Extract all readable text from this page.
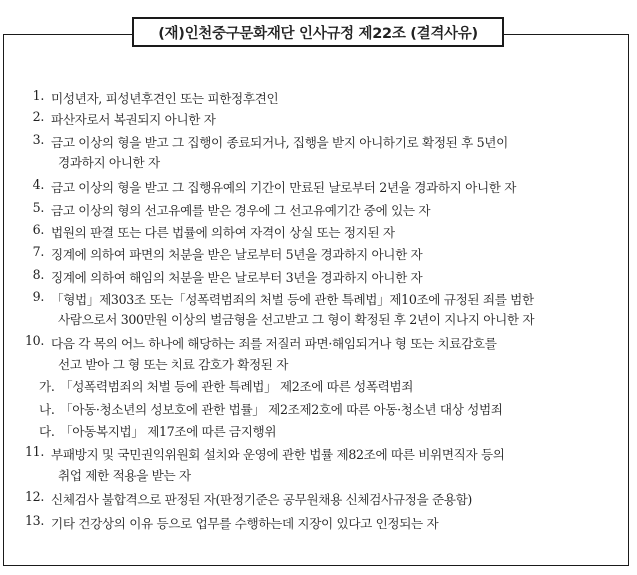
(재)인천중구문화재단 인사규정 제22조 (결격사유)
1. 미성년자, 피성년후견인 또는 피한정후견인
2. 파산자로서 복권되지 아니한 자
3. 금고 이상의 형을 받고 그 집행이 종료되거나, 집행을 받지 아니하기로 확정된 후 5년이
경과하지 아니한 자
4. 금고 이상의 형을 받고 그 집행유예의 기간이 만료된 날로부터 2년을 경과하지 아니한 자
5. 금고 이상의 형의 선고유예를 받은 경우에 그 선고유예기간 중에 있는 자
6. 법원의 판결 또는 다른 법률에 의하여 자격이 상실 또는 정지된 자
7. 징계에 의하여 파면의 처분을 받은 날로부터 5년을 경과하지 아니한 자
8. 징계에 의하여 해임의 처분을 받은 날로부터 3년을 경과하지 아니한 자
9. 「형법」제303조 또는「성폭력범죄의 처벌 등에 관한 특례법」제10조에 규정된 죄를 범한
사람으로서 300만원 이상의 벌금형을 선고받고 그 형이 확정된 후 2년이 지나지 아니한 자
10. 다음 각 목의 어느 하나에 해당하는 죄를 저질러 파면·해임되거나 형 또는 치료감호를
선고 받아 그 형 또는 치료 감호가 확정된 자
가. 「성폭력범죄의 처벌 등에 관한 특례법」 제2조에 따른 성폭력범죄
나. 「아동·청소년의 성보호에 관한 법률」 제2조제2호에 따른 아동·청소년 대상 성범죄
다. 「아동복지법」 제17조에 따른 금지행위
11. 부패방지 및 국민권익위원회 설치와 운영에 관한 법률 제82조에 따른 비위면직자 등의
취업 제한 적용을 받는 자
12. 신체검사 불합격으로 판정된 자(판정기준은 공무원채용 신체검사규정을 준용함)
13. 기타 건강상의 이유 등으로 업무를 수행하는데 지장이 있다고 인정되는 자
